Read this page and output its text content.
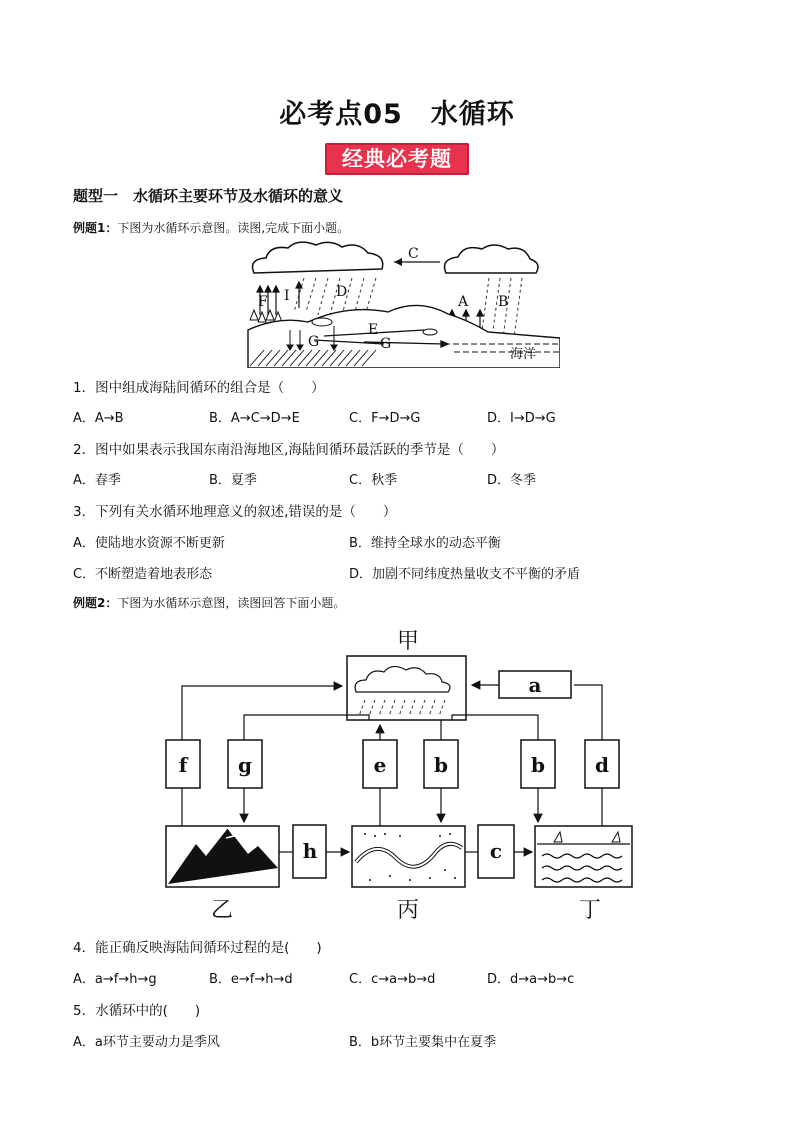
必考点05　水循环
经典必考题
题型一　水循环主要环节及水循环的意义
例题1：下图为水循环示意图。读图,完成下面小题。
C
F I	D
A B
E
G	G
海洋
1．图中组成海陆间循环的组合是（　　）
A．A→B	B．A→C→D→E	C．F→D→G	D．I→D→G
2．图中如果表示我国东南沿海地区,海陆间循环最活跃的季节是（　　）
A．春季	B．夏季	C．秋季	D．冬季
3．下列有关水循环地理意义的叙述,错误的是（　　）
A．使陆地水资源不断更新	B．维持全球水的动态平衡
C．不断塑造着地表形态	D．加剧不同纬度热量收支不平衡的矛盾
例题2：下图为水循环示意图，读图回答下面小题。
甲
乙	丙	丁
a
f	g	e b	b	d
h	c
4．能正确反映海陆间循环过程的是(　　)
A．a→f→h→g	B．e→f→h→d	C．c→a→b→d	D．d→a→b→c
5．水循环中的(　　)
A．a环节主要动力是季风	B．b环节主要集中在夏季
